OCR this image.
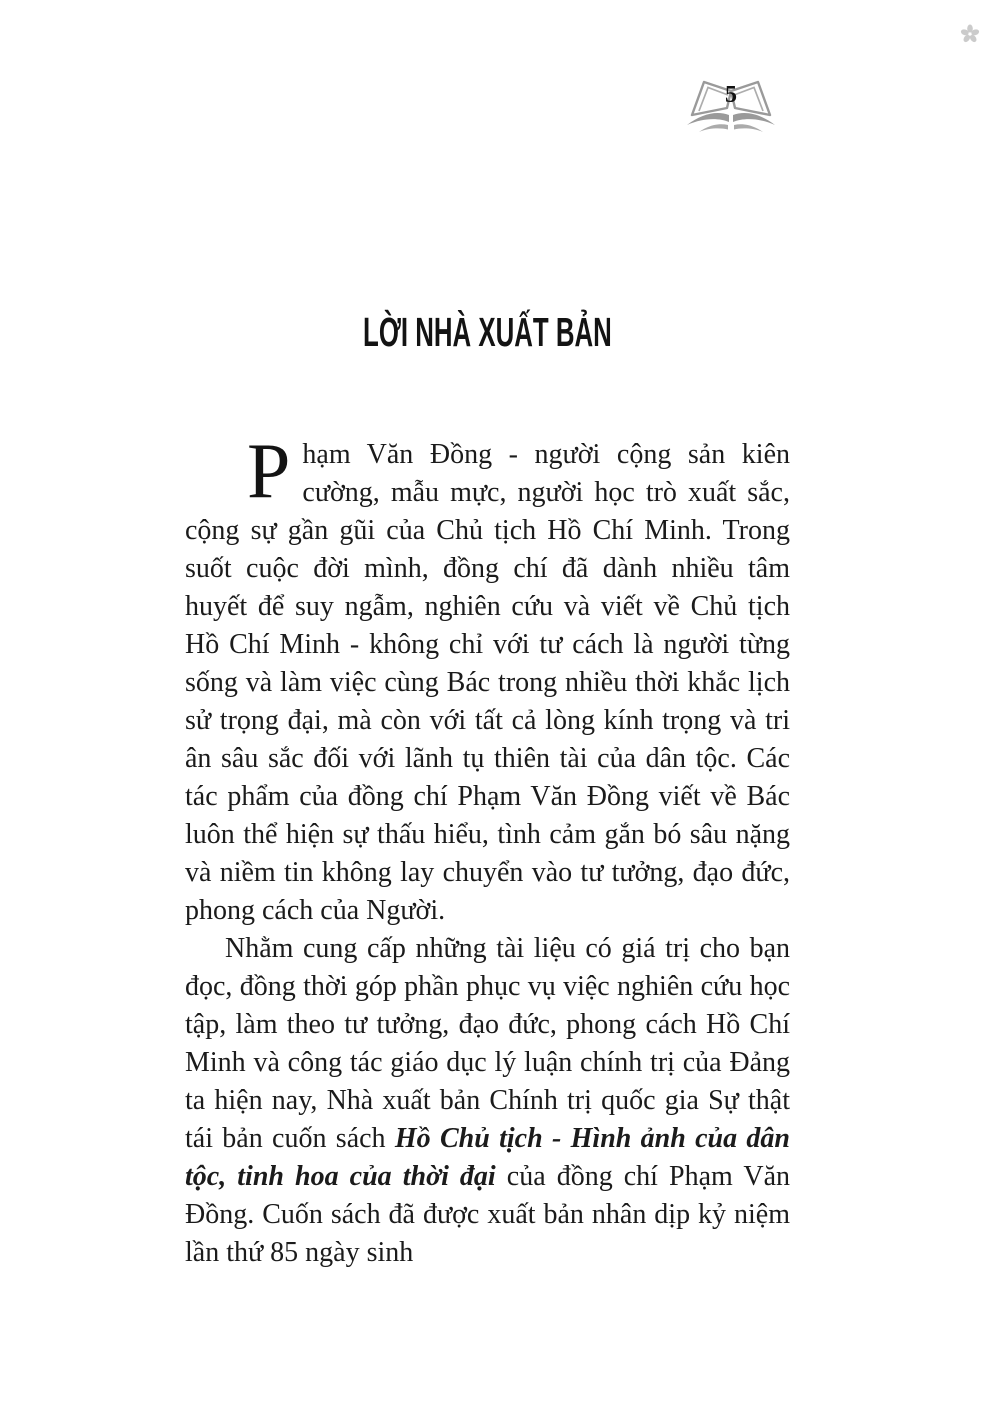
5
LỜI NHÀ XUẤT BẢN

Phạm Văn Đồng - người cộng sản kiên cường, mẫu mực, người học trò xuất sắc, cộng sự gần gũi của Chủ tịch Hồ Chí Minh. Trong suốt cuộc đời mình, đồng chí đã dành nhiều tâm huyết để suy ngẫm, nghiên cứu và viết về Chủ tịch Hồ Chí Minh - không chỉ với tư cách là người từng sống và làm việc cùng Bác trong nhiều thời khắc lịch sử trọng đại, mà còn với tất cả lòng kính trọng và tri ân sâu sắc đối với lãnh tụ thiên tài của dân tộc. Các tác phẩm của đồng chí Phạm Văn Đồng viết về Bác luôn thể hiện sự thấu hiểu, tình cảm gắn bó sâu nặng và niềm tin không lay chuyển vào tư tưởng, đạo đức, phong cách của Người.

Nhằm cung cấp những tài liệu có giá trị cho bạn đọc, đồng thời góp phần phục vụ việc nghiên cứu học tập, làm theo tư tưởng, đạo đức, phong cách Hồ Chí Minh và công tác giáo dục lý luận chính trị của Đảng ta hiện nay, Nhà xuất bản Chính trị quốc gia Sự thật tái bản cuốn sách Hồ Chủ tịch - Hình ảnh của dân tộc, tinh hoa của thời đại của đồng chí Phạm Văn Đồng. Cuốn sách đã được xuất bản nhân dịp kỷ niệm lần thứ 85 ngày sinh
